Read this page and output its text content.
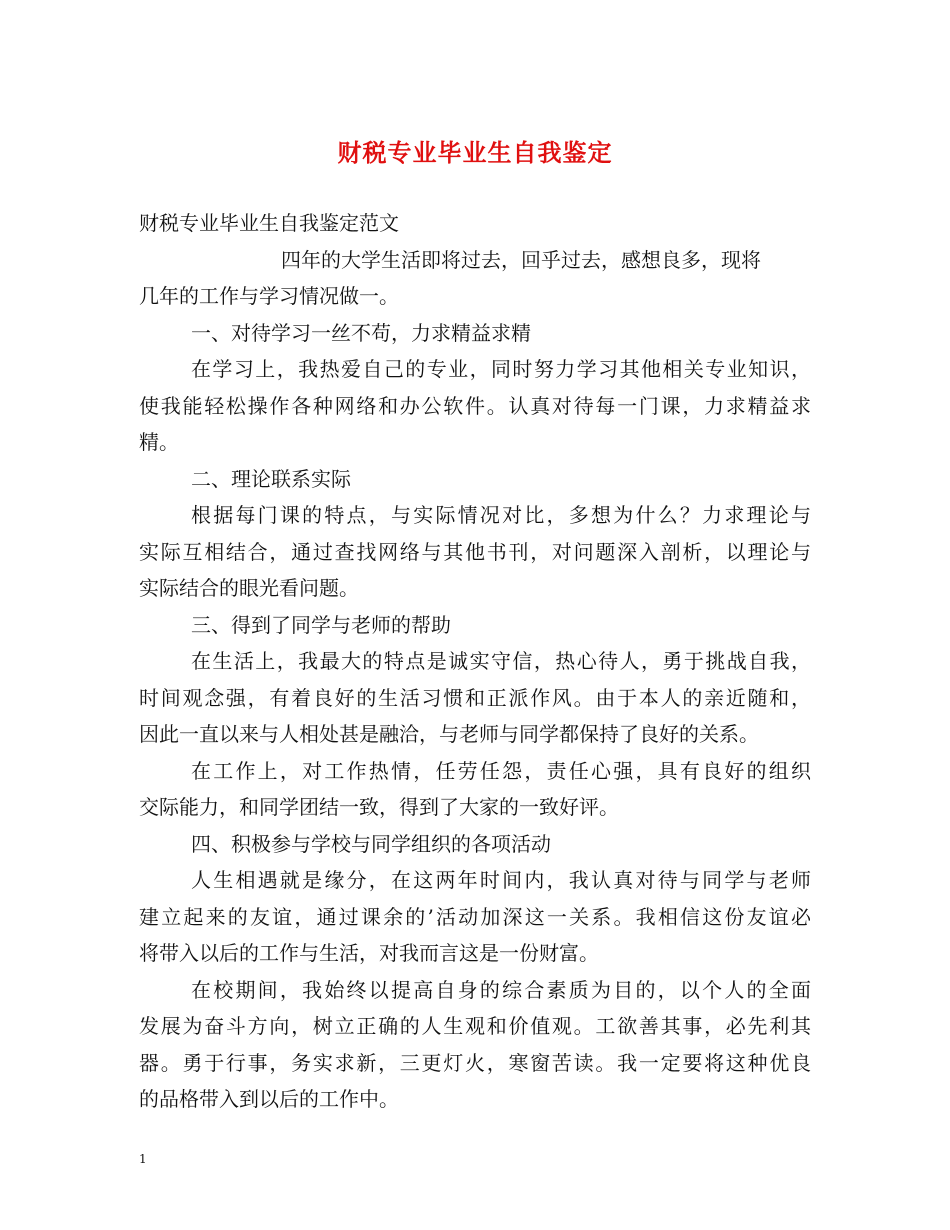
财税专业毕业生自我鉴定
财税专业毕业生自我鉴定范文
四年的大学生活即将过去，回乎过去，感想良多，现将
几年的工作与学习情况做一。
一、对待学习一丝不苟，力求精益求精
在学习上，我热爱自己的专业，同时努力学习其他相关专业知识，
使我能轻松操作各种网络和办公软件。认真对待每一门课，力求精益求
精。
二、理论联系实际
根据每门课的特点，与实际情况对比，多想为什么？力求理论与
实际互相结合，通过查找网络与其他书刊，对问题深入剖析，以理论与
实际结合的眼光看问题。
三、得到了同学与老师的帮助
在生活上，我最大的特点是诚实守信，热心待人，勇于挑战自我，
时间观念强，有着良好的生活习惯和正派作风。由于本人的亲近随和，
因此一直以来与人相处甚是融洽，与老师与同学都保持了良好的关系。
在工作上，对工作热情，任劳任怨，责任心强，具有良好的组织
交际能力，和同学团结一致，得到了大家的一致好评。
四、积极参与学校与同学组织的各项活动
人生相遇就是缘分，在这两年时间内，我认真对待与同学与老师
建立起来的友谊，通过课余的’活动加深这一关系。我相信这份友谊必
将带入以后的工作与生活，对我而言这是一份财富。
在校期间，我始终以提高自身的综合素质为目的，以个人的全面
发展为奋斗方向，树立正确的人生观和价值观。工欲善其事，必先利其
器。勇于行事，务实求新，三更灯火，寒窗苦读。我一定要将这种优良
的品格带入到以后的工作中。
1
